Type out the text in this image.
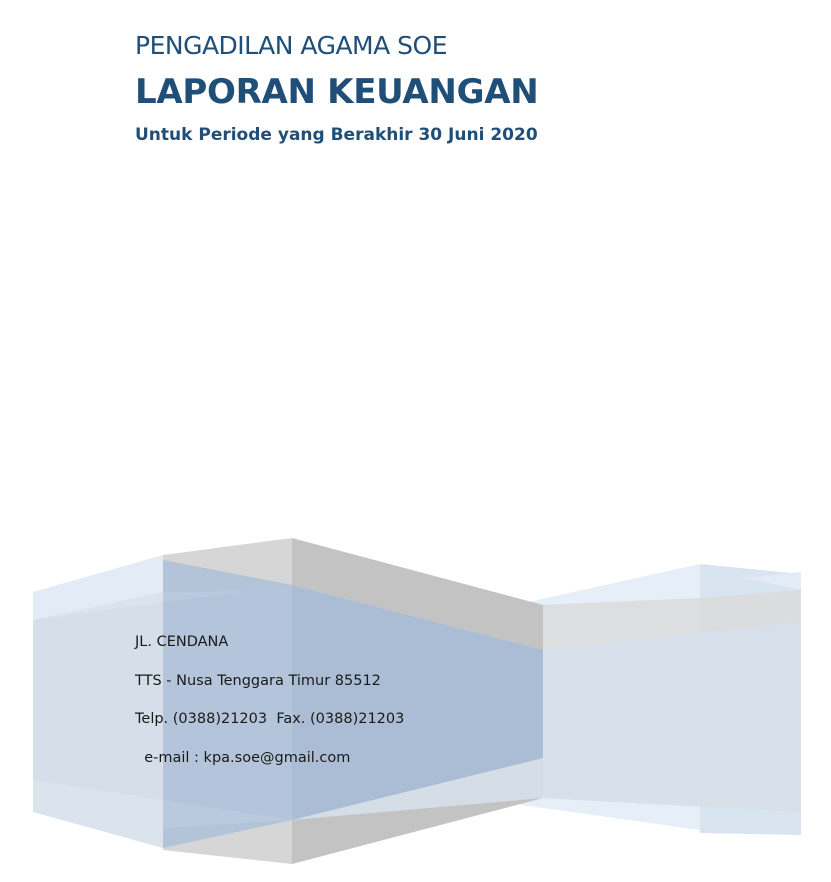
PENGADILAN AGAMA SOE
LAPORAN KEUANGAN
Untuk Periode yang Berakhir 30 Juni 2020
JL. CENDANA
TTS - Nusa Tenggara Timur 85512
Telp. (0388)21203  Fax. (0388)21203
e-mail : kpa.soe@gmail.com
